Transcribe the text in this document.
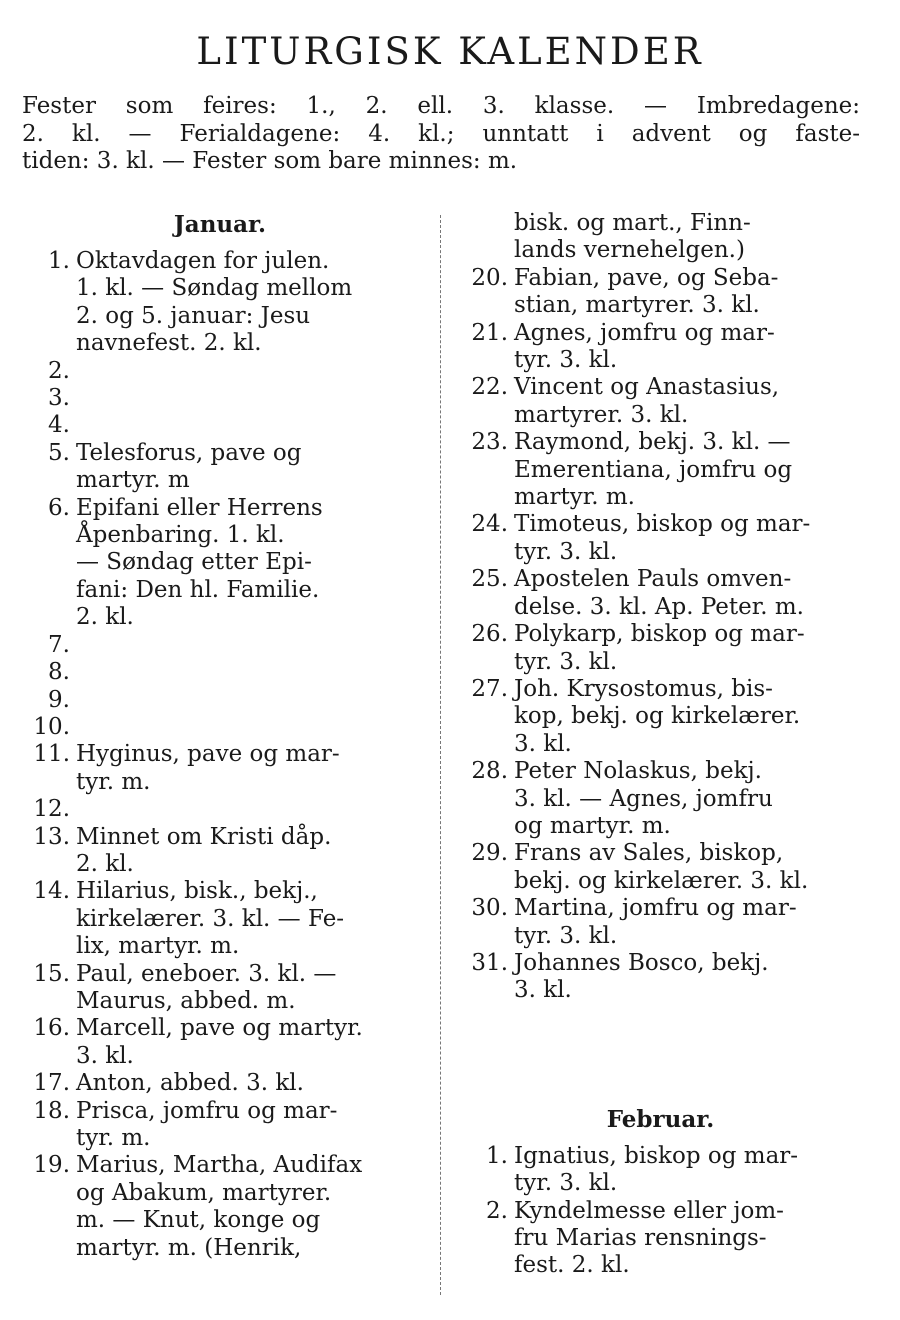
LITURGISK KALENDER

Fester som feires: 1., 2. ell. 3. klasse. — Imbredagene:

2. kl. — Ferialdagene: 4. kl.; unntatt i advent og faste-

tiden: 3. kl. — Fester som bare minnes: m.

Januar.
1. Oktavdagen for julen.
1. kl. — Søndag mellom
2. og 5. januar: Jesu
navnefest. 2. kl.
2.

3.

4.

5. Telesforus, pave og
martyr. m
6. Epifani eller Herrens
Åpenbaring. 1. kl.
— Søndag etter Epi-
fani: Den hl. Familie.
2. kl.
7.

8.

9.

10.

11. Hyginus, pave og mar-
tyr. m.
12.

13. Minnet om Kristi dåp.
2. kl.
14. Hilarius, bisk., bekj.,
kirkelærer. 3. kl. — Fe-
lix, martyr. m.
15. Paul, eneboer. 3. kl. —
Maurus, abbed. m.
16. Marcell, pave og martyr.
3. kl.
17. Anton, abbed. 3. kl.
18. Prisca, jomfru og mar-
tyr. m.
19. Marius, Martha, Audifax
og Abakum, martyrer.
m. — Knut, konge og
martyr. m. (Henrik,
bisk. og mart., Finn-
lands vernehelgen.)
20. Fabian, pave, og Seba-
stian, martyrer. 3. kl.
21. Agnes, jomfru og mar-
tyr. 3. kl.
22. Vincent og Anastasius,
martyrer. 3. kl.
23. Raymond, bekj. 3. kl. —
Emerentiana, jomfru og
martyr. m.
24. Timoteus, biskop og mar-
tyr. 3. kl.
25. Apostelen Pauls omven-
delse. 3. kl. Ap. Peter. m.
26. Polykarp, biskop og mar-
tyr. 3. kl.
27. Joh. Krysostomus, bis-
kop, bekj. og kirkelærer.
3. kl.
28. Peter Nolaskus, bekj.
3. kl. — Agnes, jomfru
og martyr. m.
29. Frans av Sales, biskop,
bekj. og kirkelærer. 3. kl.
30. Martina, jomfru og mar-
tyr. 3. kl.
31. Johannes Bosco, bekj.
3. kl.
Februar.
1. Ignatius, biskop og mar-
tyr. 3. kl.
2. Kyndelmesse eller jom-
fru Marias rensnings-
fest. 2. kl.
